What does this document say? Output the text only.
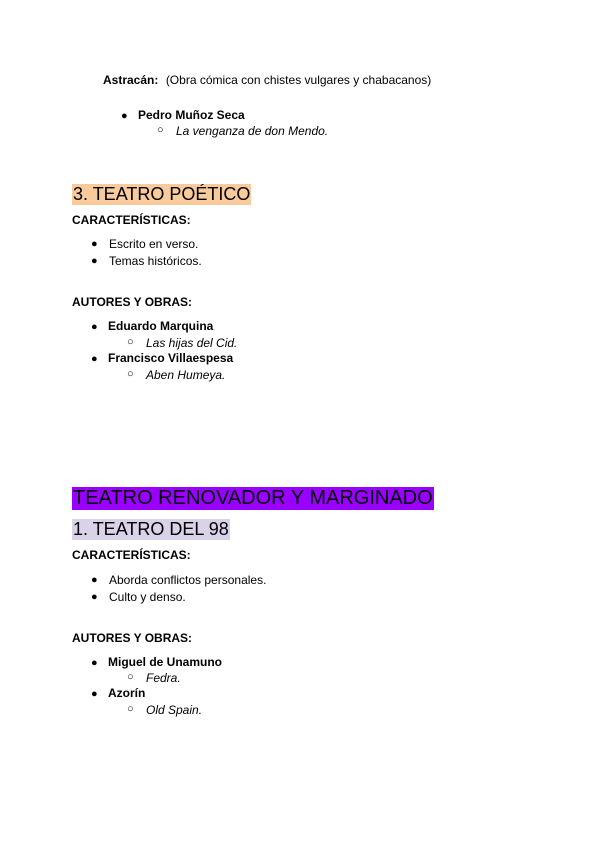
Astracán: (Obra cómica con chistes vulgares y chabacanos)
● Pedro Muñoz Seca
○ La venganza de don Mendo.
3. TEATRO POÉTICO
CARACTERÍSTICAS:
● Escrito en verso.
● Temas históricos.
AUTORES Y OBRAS:
● Eduardo Marquina
○ Las hijas del Cid.
● Francisco Villaespesa
○ Aben Humeya.
TEATRO RENOVADOR Y MARGINADO
1. TEATRO DEL 98
CARACTERÍSTICAS:
● Aborda conflictos personales.
● Culto y denso.
AUTORES Y OBRAS:
● Miguel de Unamuno
○ Fedra.
● Azorín
○ Old Spain.
